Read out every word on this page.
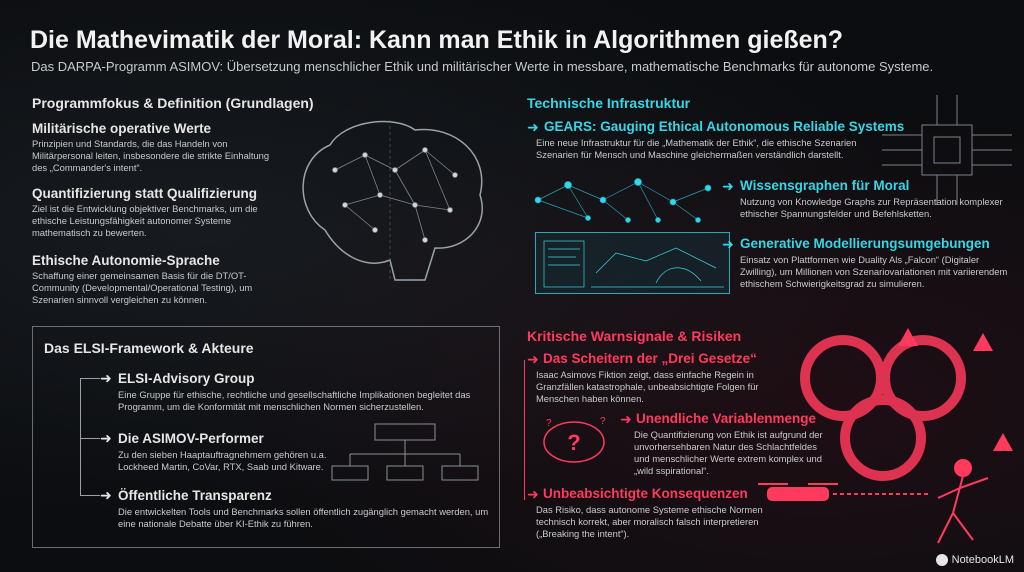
Die Mathevimatik der Moral: Kann man Ethik in Algorithmen gießen?
Das DARPA-Programm ASIMOV: Übersetzung menschlicher Ethik und militärischer Werte in messbare, mathematische Benchmarks für autonome Systeme.
Programmfokus & Definition (Grundlagen)
Militärische operative Werte
Prinzipien und Standards, die das Handeln von Militärpersonal leiten, insbesondere die strikte Einhaltung des „Commander's intent“.
Quantifizierung statt Qualifizierung
Ziel ist die Entwicklung objektiver Benchmarks, um die ethische Leistungsfähigkeit autonomer Systeme mathematisch zu bewerten.
Ethische Autonomie-Sprache
Schaffung einer gemeinsamen Basis für die DT/OT-Community (Developmental/Operational Testing), um Szenarien sinnvoll vergleichen zu können.
Technische Infrastruktur
➜ GEARS: Gauging Ethical Autonomous Reliable Systems
Eine neue Infrastruktur für die „Mathematik der Ethik“, die ethische Szenarien Szenarien für Mensch und Maschine gleichermaßen verständlich darstellt.
➜ Wissensgraphen für Moral
Nutzung von Knowledge Graphs zur Repräsentation komplexer ethischer Spannungsfelder und Befehlsketten.
➜ Generative Modellierungsumgebungen
Einsatz von Plattformen wie Duality Als „Falcon“ (Digitaler Zwilling), um Millionen von Szenariovariationen mit variierendem ethischem Schwierigkeitsgrad zu simulieren.
Das ELSI-Framework & Akteure
➜ ELSI-Advisory Group
Eine Gruppe für ethische, rechtliche und gesellschaftliche Implikationen begleitet das Programm, um die Konformität mit menschlichen Normen sicherzustellen.
➜ Die ASIMOV-Performer
Zu den sieben Haaptauftragnehmern gehören u.a. Lockheed Martin, CoVar, RTX, Saab und Kitware.
➜ Öffentliche Transparenz
Die entwickelten Tools und Benchmarks sollen öffentlich zugänglich gemacht werden, um eine nationale Debatte über KI-Ethik zu führen.
Kritische Warnsignale & Risiken
➜ Das Scheitern der „Drei Gesetze“
Isaac Asimovs Fiktion zeigt, dass einfache Regein in Granzfällen katastrophale, unbeabsichtigte Folgen für Menschen haben können.
?
?	? ➜ Unendliche Variablenmenge
Die Quantifizierung von Ethik ist aufgrund der unvorhersehbaren Natur des Schlachtfeldes und menschlicher Werte extrem komplex und „wild sspirational“.
➜ Unbeabsichtigte Konsequenzen
Das Risiko, dass autonome Systeme ethische Normen technisch korrekt, aber moralisch falsch interpretieren („Breaking the intent“).
NotebookLM
